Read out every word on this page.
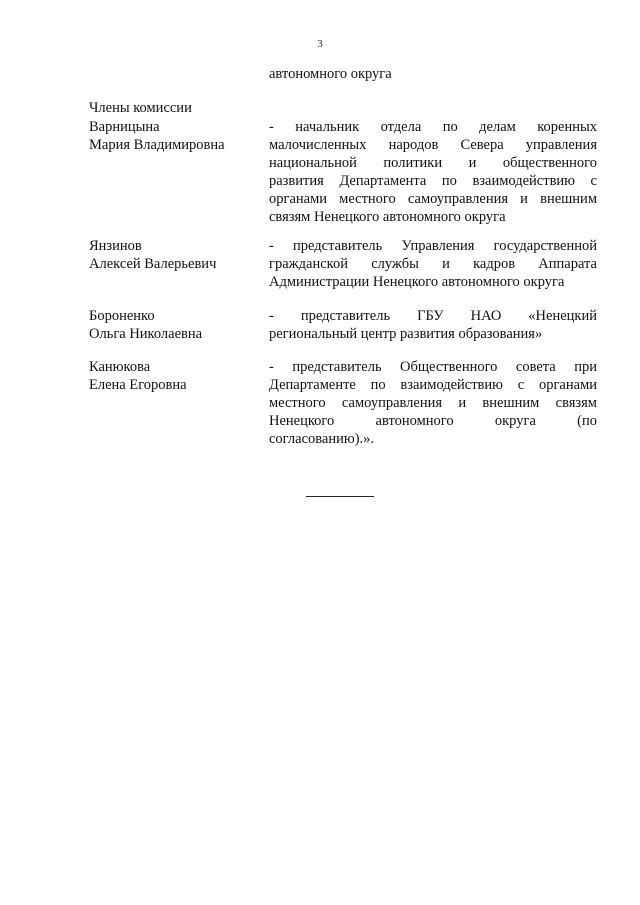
3
автономного округа
Члены комиссии
Варницына
Мария Владимировна
- начальник отдела по делам коренных
малочисленных народов Севера управления
национальной политики и общественного
развития Департамента по взаимодействию с
органами местного самоуправления и внешним
связям Ненецкого автономного округа
Янзинов
Алексей Валерьевич
- представитель Управления государственной
гражданской службы и кадров Аппарата
Администрации Ненецкого автономного округа
Бороненко
Ольга Николаевна
- представитель ГБУ НАО «Ненецкий
региональный центр развития образования»
Канюкова
Елена Егоровна
- представитель Общественного совета при
Департаменте по взаимодействию с органами
местного самоуправления и внешним связям
Ненецкого автономного округа (по
согласованию).».
